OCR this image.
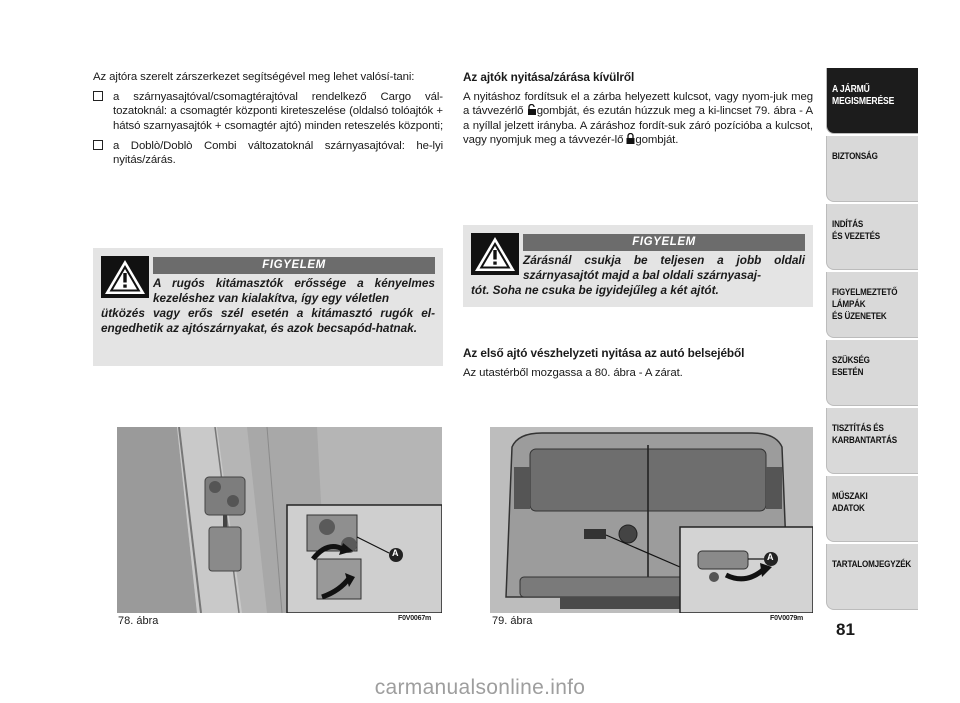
Az ajtóra szerelt zárszerkezet segítségével meg lehet valósí-tani:

a szárnyasajtóval/csomagtérajtóval rendelkező Cargo vál-tozatoknál: a csomagtér központi kireteszelése (oldalsó tolóajtók + hátsó szarnyasajtók + csomagtér ajtó) minden reteszelés központi;
a Doblò/Doblò Combi változatoknál szárnyasajtóval: he-lyi nyitás/zárás.
FIGYELEM
A rugós kitámasztók erőssége a kényelmes kezeléshez van kialakítva, így egy véletlen
ütközés vagy erős szél esetén a kitámasztó rugók el-engedhetik az ajtószárnyakat, és azok becsapód-hatnak.

Az ajtók nyitása/zárása kívülről

A nyitáshoz fordítsuk el a zárba helyezett kulcsot, vagy nyom-juk meg a távvezérlő gombját, és ezután húzzuk meg a ki-lincset 79. ábra - A a nyíllal jelzett irányba. A záráshoz fordít-suk záró pozícióba a kulcsot, vagy nyomjuk meg a távvezér-lő gombját.

Az első ajtó vészhelyzeti nyitása az autó belsejéből

Az utastérből mozgassa a 80. ábra - A zárat.

FIGYELEM
Zárásnál csukja be teljesen a jobb oldali szárnyasajtót majd a bal oldali szárnyasaj-
tót. Soha ne csuka be igyidejűleg a két ajtót.
A
78. ábra	F0V0067m
A
79. ábra	F0V0079m
A JÁRMŰ
MEGISMERÉSE
BIZTONSÁG
INDÍTÁS
ÉS VEZETÉS
FIGYELMEZTETŐ
LÁMPÁK
ÉS ÜZENETEK
SZÜKSÉG
ESETÉN
TISZTÍTÁS ÉS
KARBANTARTÁS
MŰSZAKI
ADATOK
TARTALOMJEGYZÉK
81
carmanualsonline.info
